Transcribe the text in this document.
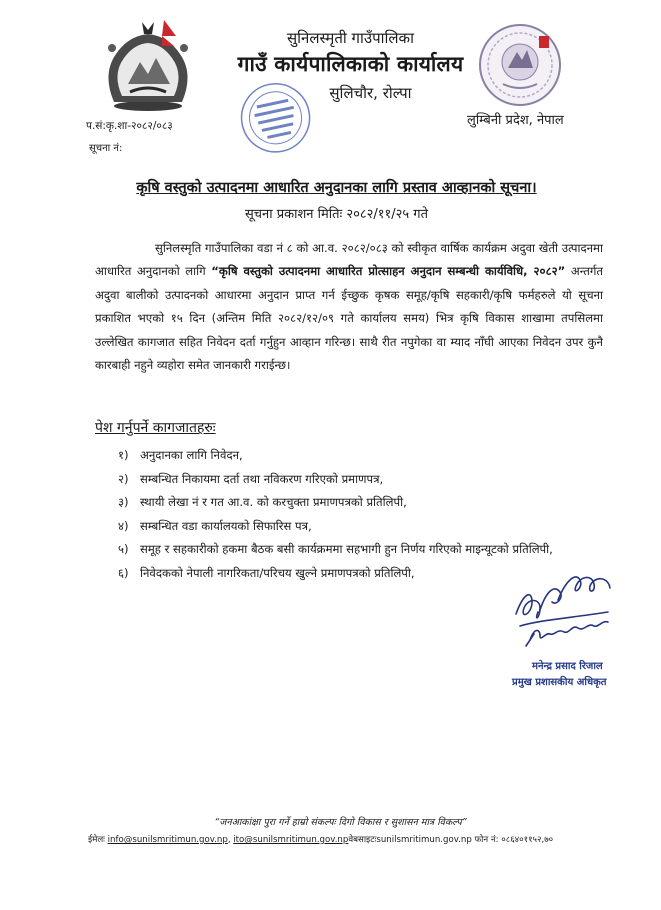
सुनिलस्मृती गाउँपालिका
गाउँ कार्यपालिकाको कार्यालय
सुलिचौर, रोल्पा
लुम्बिनी प्रदेश, नेपाल
प.सं:कृ.शा-२०८२/०८३
सूचना नं:
कृषि वस्तुको उत्पादनमा आधारित अनुदानका लागि प्रस्ताव आव्हानको सूचना।
सूचना प्रकाशन मितिः २०८२/११/२५ गते
सुनिलस्मृति गाउँपालिका वडा नं ८ को आ.व. २०८२/०८३ को स्वीकृत वार्षिक कार्यक्रम अदुवा खेती उत्पादनमा आधारित अनुदानको लागि “कृषि वस्तुको उत्पादनमा आधारित प्रोत्साहन अनुदान सम्बन्धी कार्यविधि, २०८२” अन्तर्गत अदुवा बालीको उत्पादनको आधारमा अनुदान प्राप्त गर्न ईच्छुक कृषक समूह/कृषि सहकारी/कृषि फर्महरुले यो सूचना प्रकाशित भएको १५ दिन (अन्तिम मिति २०८२/१२/०९ गते कार्यालय समय) भित्र कृषि विकास शाखामा तपसिलमा उल्लेखित कागजात सहित निवेदन दर्ता गर्नुहुन आव्हान गरिन्छ। साथै रीत नपुगेका वा म्याद नाँघी आएका निवेदन उपर कुनै कारबाही नहुने व्यहोरा समेत जानकारी गराईन्छ।
पेश गर्नुपर्ने कागजातहरुः
१) अनुदानका लागि निवेदन,
२) सम्बन्धित निकायमा दर्ता तथा नविकरण गरिएको प्रमाणपत्र,
३) स्थायी लेखा नं र गत आ.व. को करचुक्ता प्रमाणपत्रको प्रतिलिपी,
४) सम्बन्धित वडा कार्यालयको सिफारिस पत्र,
५) समूह र सहकारीको हकमा बैठक बसी कार्यक्रममा सहभागी हुन निर्णय गरिएको माइन्यूटको प्रतिलिपी,
६) निवेदकको नेपाली नागरिकता/परिचय खुल्ने प्रमाणपत्रको प्रतिलिपी,
मनेन्द्र प्रसाद रिजाल
प्रमुख प्रशासकीय अधिकृत
“जनआकांक्षा पुरा गर्ने हाम्रो संकल्पः दिगो विकास र सुशासन मात्र विकल्प”
ईमेलः info@sunilsmritimun.gov.np, ito@sunilsmritimun.gov.npवेबसाइटःsunilsmritimun.gov.np फोन नं: ०८६४०११५२,७०
